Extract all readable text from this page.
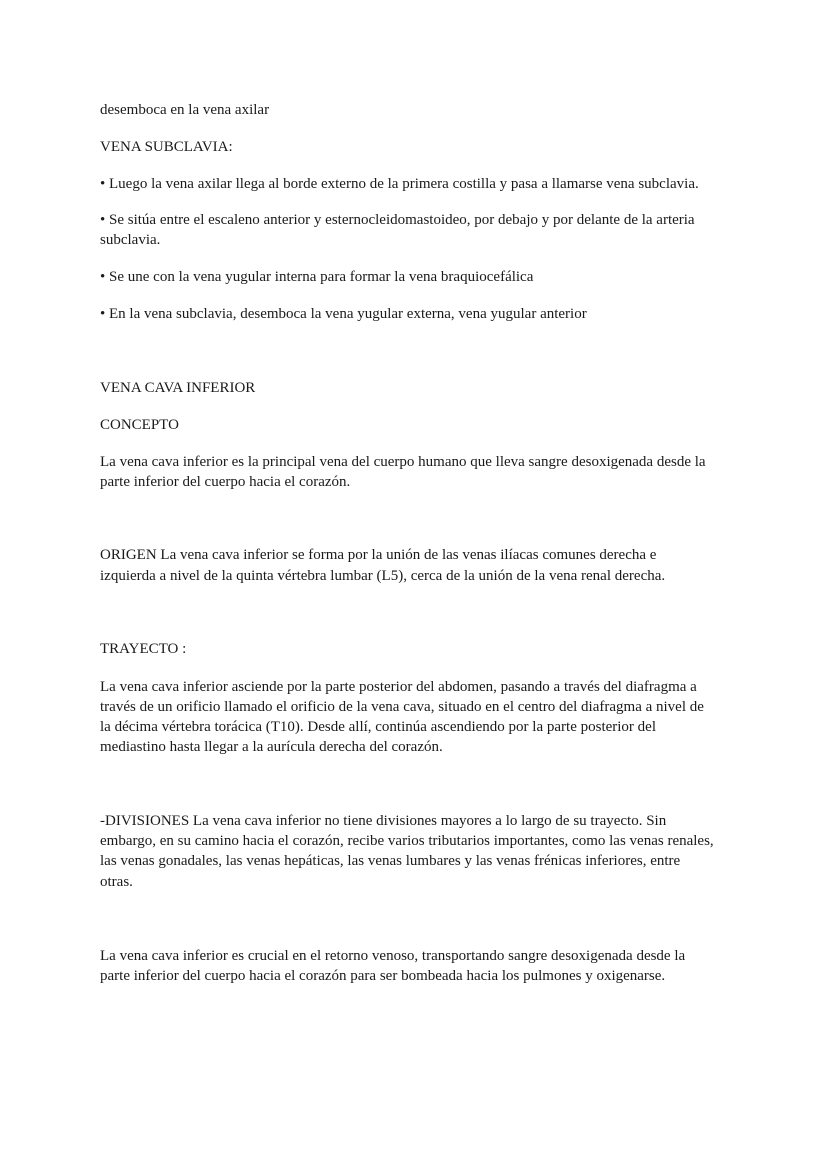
desemboca en la vena axilar

VENA SUBCLAVIA:

• Luego la vena axilar llega al borde externo de la primera costilla y pasa a llamarse vena subclavia.

• Se sitúa entre el escaleno anterior y esternocleidomastoideo, por debajo y por delante de la arteria

subclavia.

• Se une con la vena yugular interna para formar la vena braquiocefálica

• En la vena subclavia, desemboca la vena yugular externa, vena yugular anterior

VENA CAVA INFERIOR

CONCEPTO

La vena cava inferior es la principal vena del cuerpo humano que lleva sangre desoxigenada desde la

parte inferior del cuerpo hacia el corazón.

ORIGEN La vena cava inferior se forma por la unión de las venas ilíacas comunes derecha e

izquierda a nivel de la quinta vértebra lumbar (L5), cerca de la unión de la vena renal derecha.

TRAYECTO :

La vena cava inferior asciende por la parte posterior del abdomen, pasando a través del diafragma a

través de un orificio llamado el orificio de la vena cava, situado en el centro del diafragma a nivel de

la décima vértebra torácica (T10). Desde allí, continúa ascendiendo por la parte posterior del

mediastino hasta llegar a la aurícula derecha del corazón.

-DIVISIONES La vena cava inferior no tiene divisiones mayores a lo largo de su trayecto. Sin

embargo, en su camino hacia el corazón, recibe varios tributarios importantes, como las venas renales,

las venas gonadales, las venas hepáticas, las venas lumbares y las venas frénicas inferiores, entre

otras.

La vena cava inferior es crucial en el retorno venoso, transportando sangre desoxigenada desde la

parte inferior del cuerpo hacia el corazón para ser bombeada hacia los pulmones y oxigenarse.
